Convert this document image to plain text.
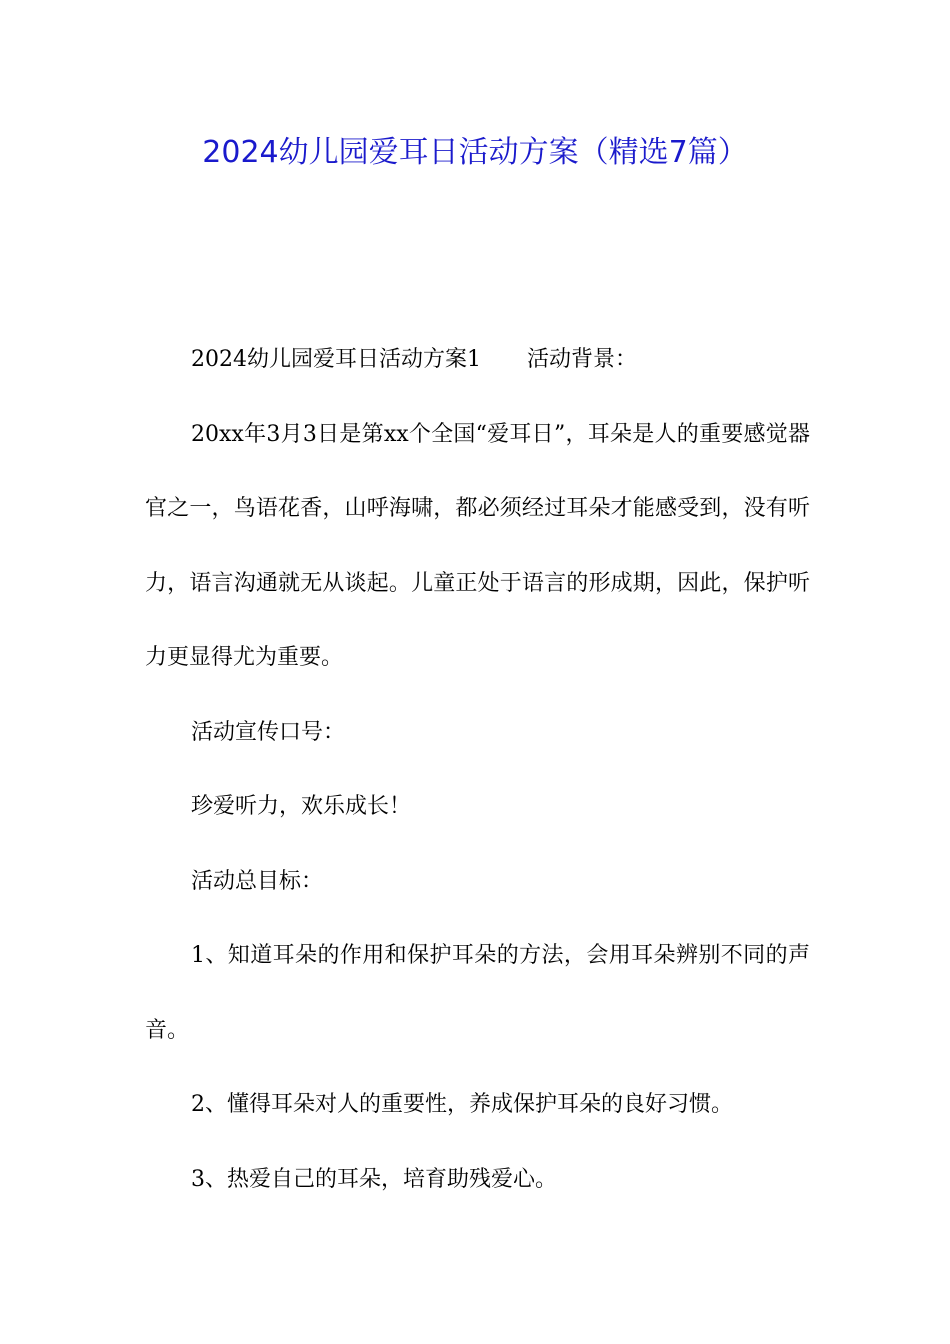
2024幼儿园爱耳日活动方案（精选7篇）

2024幼儿园爱耳日活动方案1 活动背景：

20xx年3月3日是第xx个全国“爱耳日”，耳朵是人的重要感觉器官之一，鸟语花香，山呼海啸，都必须经过耳朵才能感受到，没有听力，语言沟通就无从谈起。儿童正处于语言的形成期，因此，保护听力更显得尤为重要。

活动宣传口号：

珍爱听力，欢乐成长！

活动总目标：

1、知道耳朵的作用和保护耳朵的方法，会用耳朵辨别不同的声音。

2、懂得耳朵对人的重要性，养成保护耳朵的良好习惯。

3、热爱自己的耳朵，培育助残爱心。
